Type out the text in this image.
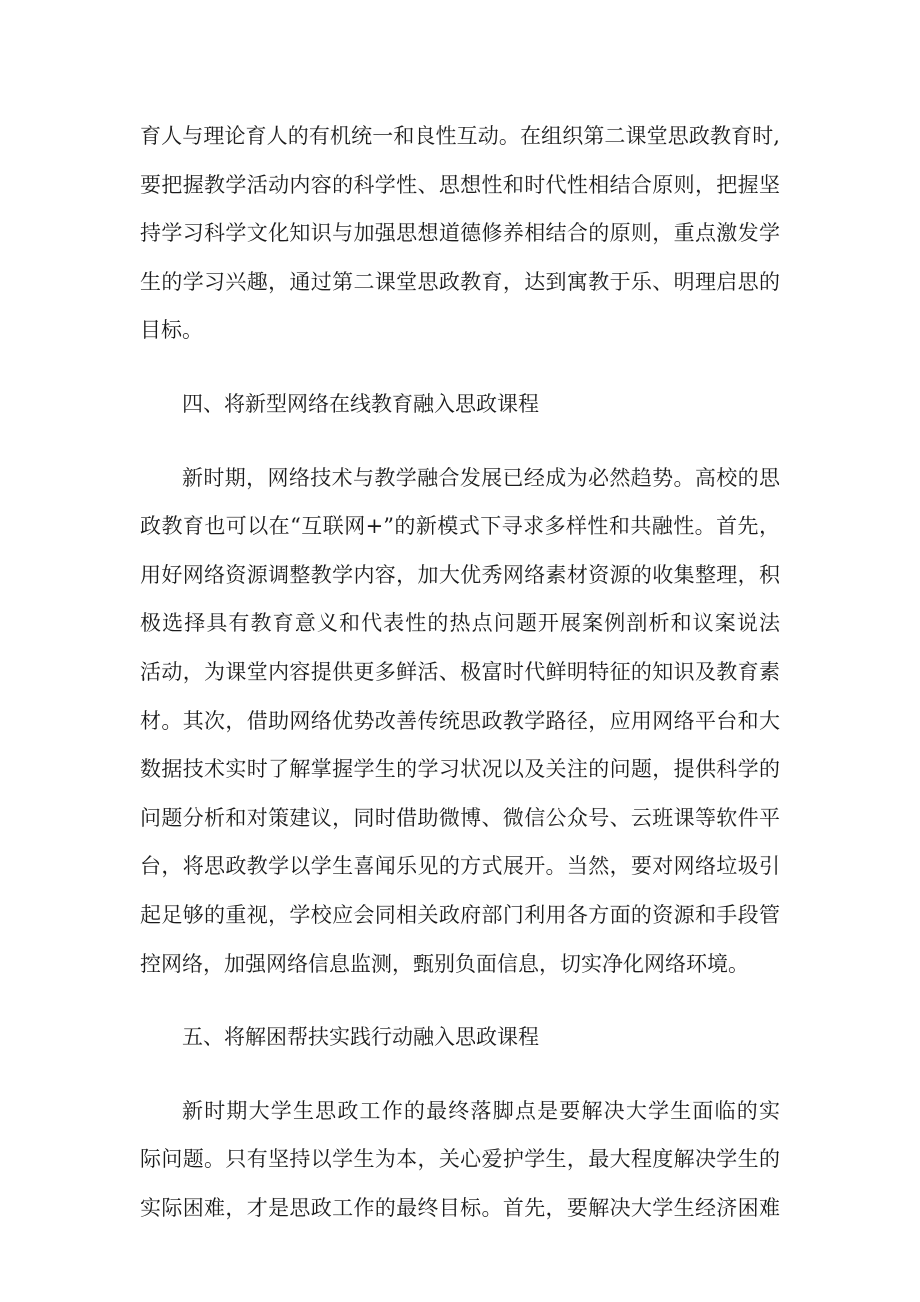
育人与理论育人的有机统一和良性互动。在组织第二课堂思政教育时,
要把握教学活动内容的科学性、思想性和时代性相结合原则，把握坚
持学习科学文化知识与加强思想道德修养相结合的原则，重点激发学
生的学习兴趣，通过第二课堂思政教育，达到寓教于乐、明理启思的
目标。
四、将新型网络在线教育融入思政课程
新时期，网络技术与教学融合发展已经成为必然趋势。高校的思
政教育也可以在“互联网+”的新模式下寻求多样性和共融性。首先，
用好网络资源调整教学内容，加大优秀网络素材资源的收集整理，积
极选择具有教育意义和代表性的热点问题开展案例剖析和议案说法
活动，为课堂内容提供更多鲜活、极富时代鲜明特征的知识及教育素
材。其次，借助网络优势改善传统思政教学路径，应用网络平台和大
数据技术实时了解掌握学生的学习状况以及关注的问题，提供科学的
问题分析和对策建议，同时借助微博、微信公众号、云班课等软件平
台，将思政教学以学生喜闻乐见的方式展开。当然，要对网络垃圾引
起足够的重视，学校应会同相关政府部门利用各方面的资源和手段管
控网络，加强网络信息监测，甄别负面信息，切实净化网络环境。
五、将解困帮扶实践行动融入思政课程
新时期大学生思政工作的最终落脚点是要解决大学生面临的实
际问题。只有坚持以学生为本，关心爱护学生，最大程度解决学生的
实际困难，才是思政工作的最终目标。首先，要解决大学生经济困难
